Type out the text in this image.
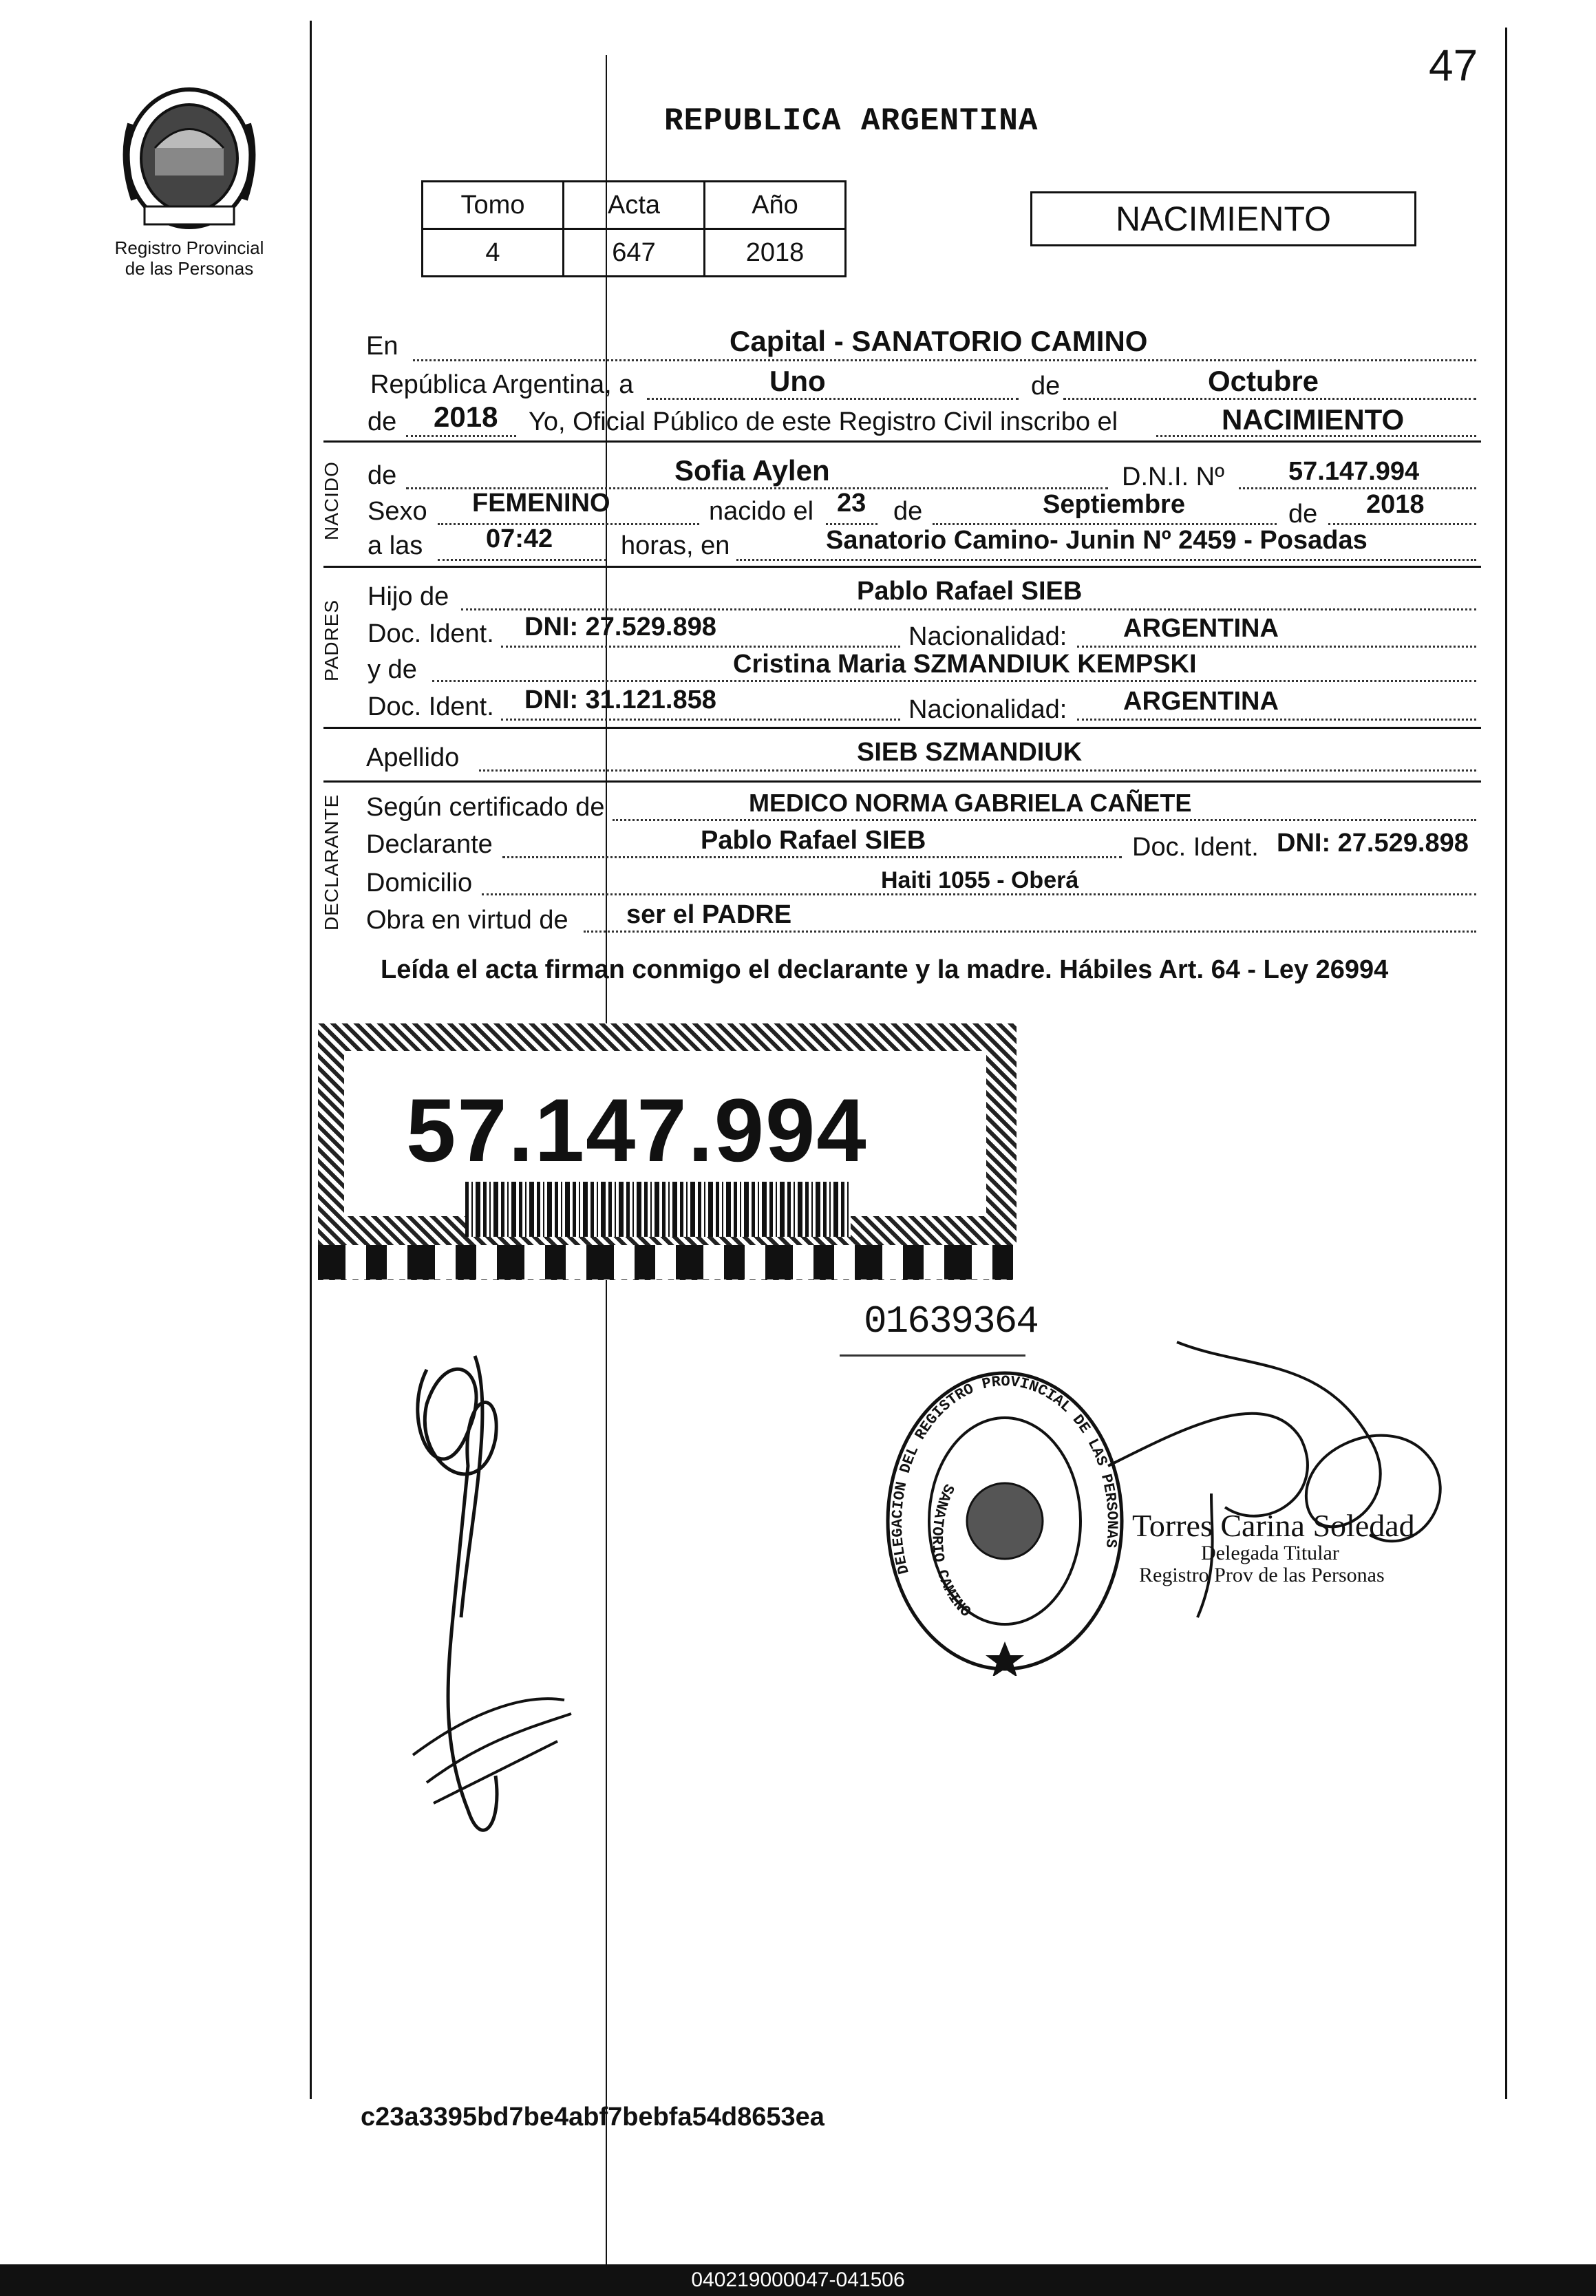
47
Registro Provincial
de las Personas
REPUBLICA ARGENTINA
Tomo	Acta	Año
4	647	2018
NACIMIENTO
En	Capital - SANATORIO CAMINO
República Argentina, a	Uno	de	Octubre
de 2018 Yo, Oficial Público de este Registro Civil inscribo el	NACIMIENTO
NACIDO de	Sofia Aylen	D.N.I. Nº 57.147.994
Sexo FEMENINO	nacido el 23 de	Septiembre	de 2018
a las 07:42	horas, en	Sanatorio Camino- Junin Nº 2459 - Posadas
PADRES
Hijo de	Pablo Rafael SIEB
Doc. Ident. DNI: 27.529.898	Nacionalidad: ARGENTINA
y de	Cristina Maria SZMANDIUK KEMPSKI
Doc. Ident. DNI: 31.121.858	Nacionalidad: ARGENTINA
Apellido	SIEB SZMANDIUK
DECLARANTE Según certificado de	MEDICO NORMA GABRIELA CAÑETE
Declarante	Pablo Rafael SIEB	Doc. Ident. DNI: 27.529.898
Domicilio	Haiti 1055 - Oberá
Obra en virtud de ser el PADRE
Leída el acta firman conmigo el declarante y la madre. Hábiles Art. 64 - Ley 26994
57.147.994
01639364
DELEGACION DEL REGISTRO PROVINCIAL DE LAS PERSONAS
SANATORIO CAMINO
Torres Carina Soledad
Delegada Titular
Registro Prov de las Personas
c23a3395bd7be4abf7bebfa54d8653ea
040219000047-041506
